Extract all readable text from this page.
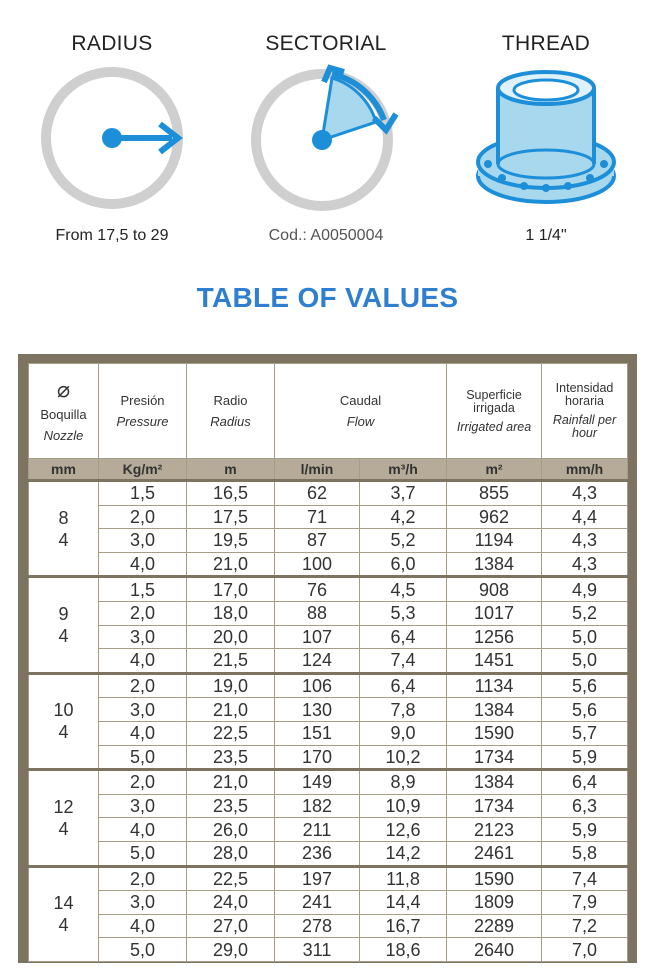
RADIUS
From 17,5 to 29
SECTORIAL
Cod.: A0050004
THREAD
1 1/4"
TABLE OF VALUES
⌀
Boquilla
Nozzle	Presión
Pressure	Radio
Radius	Caudal
Flow		Superficie irrigada
Irrigated area	Intensidad horaria
Rainfall per hour

mm	Kg/m²	m	l/min	m³/h	m²	mm/h

8
4	1,5	16,5	62	3,7	855	4,3
	2,0	17,5	71	4,2	962	4,4
	3,0	19,5	87	5,2	1194	4,3
	4,0	21,0	100	6,0	1384	4,3

9
4	1,5	17,0	76	4,5	908	4,9
	2,0	18,0	88	5,3	1017	5,2
	3,0	20,0	107	6,4	1256	5,0
	4,0	21,5	124	7,4	1451	5,0

10
4	2,0	19,0	106	6,4	1134	5,6
	3,0	21,0	130	7,8	1384	5,6
	4,0	22,5	151	9,0	1590	5,7
	5,0	23,5	170	10,2	1734	5,9

12
4	2,0	21,0	149	8,9	1384	6,4
	3,0	23,5	182	10,9	1734	6,3
	4,0	26,0	211	12,6	2123	5,9
	5,0	28,0	236	14,2	2461	5,8

14
4	2,0	22,5	197	11,8	1590	7,4
	3,0	24,0	241	14,4	1809	7,9
	4,0	27,0	278	16,7	2289	7,2
	5,0	29,0	311	18,6	2640	7,0
